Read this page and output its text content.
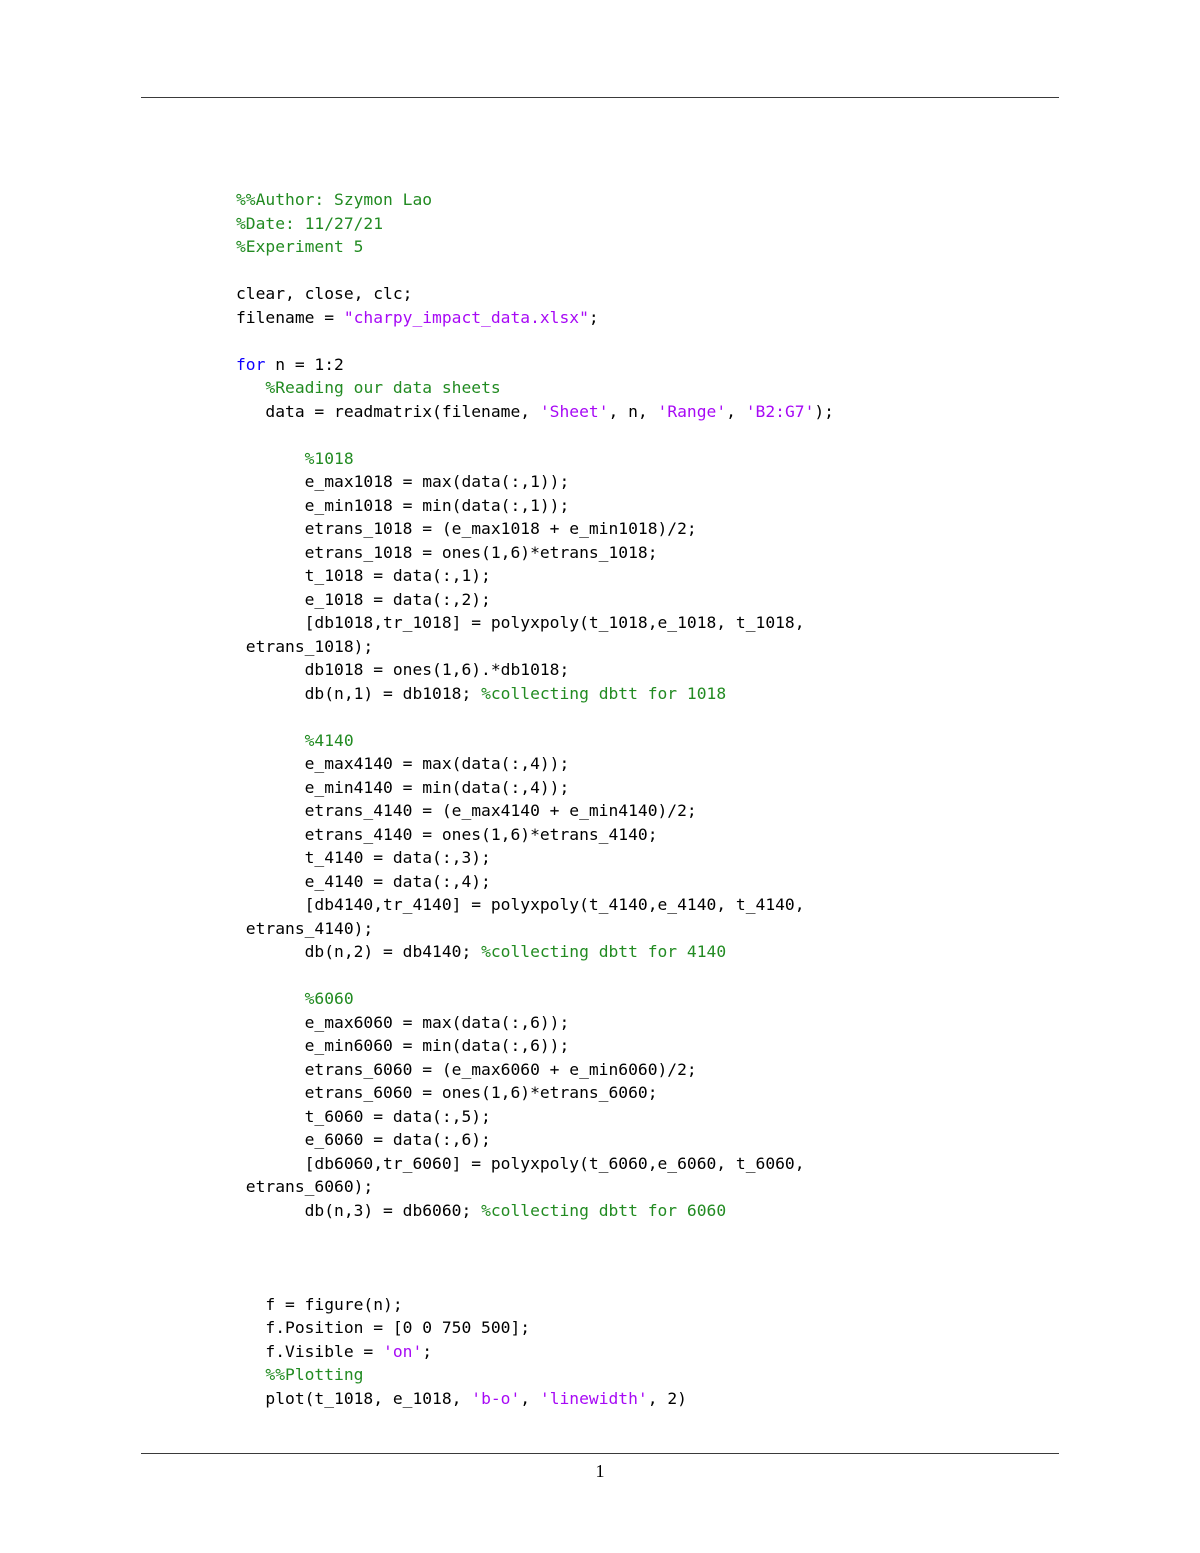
%%Author: Szymon Lao
%Date: 11/27/21
%Experiment 5
clear, close, clc;
filename = "charpy_impact_data.xlsx";
for n = 1:2
%Reading our data sheets
data = readmatrix(filename, 'Sheet', n, 'Range', 'B2:G7');
%1018
e_max1018 = max(data(:,1));
e_min1018 = min(data(:,1));
etrans_1018 = (e_max1018 + e_min1018)/2;
etrans_1018 = ones(1,6)*etrans_1018;
t_1018 = data(:,1);
e_1018 = data(:,2);
[db1018,tr_1018] = polyxpoly(t_1018,e_1018, t_1018,
etrans_1018);
db1018 = ones(1,6).*db1018;
db(n,1) = db1018; %collecting dbtt for 1018
%4140
e_max4140 = max(data(:,4));
e_min4140 = min(data(:,4));
etrans_4140 = (e_max4140 + e_min4140)/2;
etrans_4140 = ones(1,6)*etrans_4140;
t_4140 = data(:,3);
e_4140 = data(:,4);
[db4140,tr_4140] = polyxpoly(t_4140,e_4140, t_4140,
etrans_4140);
db(n,2) = db4140; %collecting dbtt for 4140
%6060
e_max6060 = max(data(:,6));
e_min6060 = min(data(:,6));
etrans_6060 = (e_max6060 + e_min6060)/2;
etrans_6060 = ones(1,6)*etrans_6060;
t_6060 = data(:,5);
e_6060 = data(:,6);
[db6060,tr_6060] = polyxpoly(t_6060,e_6060, t_6060,
etrans_6060);
db(n,3) = db6060; %collecting dbtt for 6060
f = figure(n);
f.Position = [0 0 750 500];
f.Visible = 'on';
%%Plotting
plot(t_1018, e_1018, 'b-o', 'linewidth', 2)
1
